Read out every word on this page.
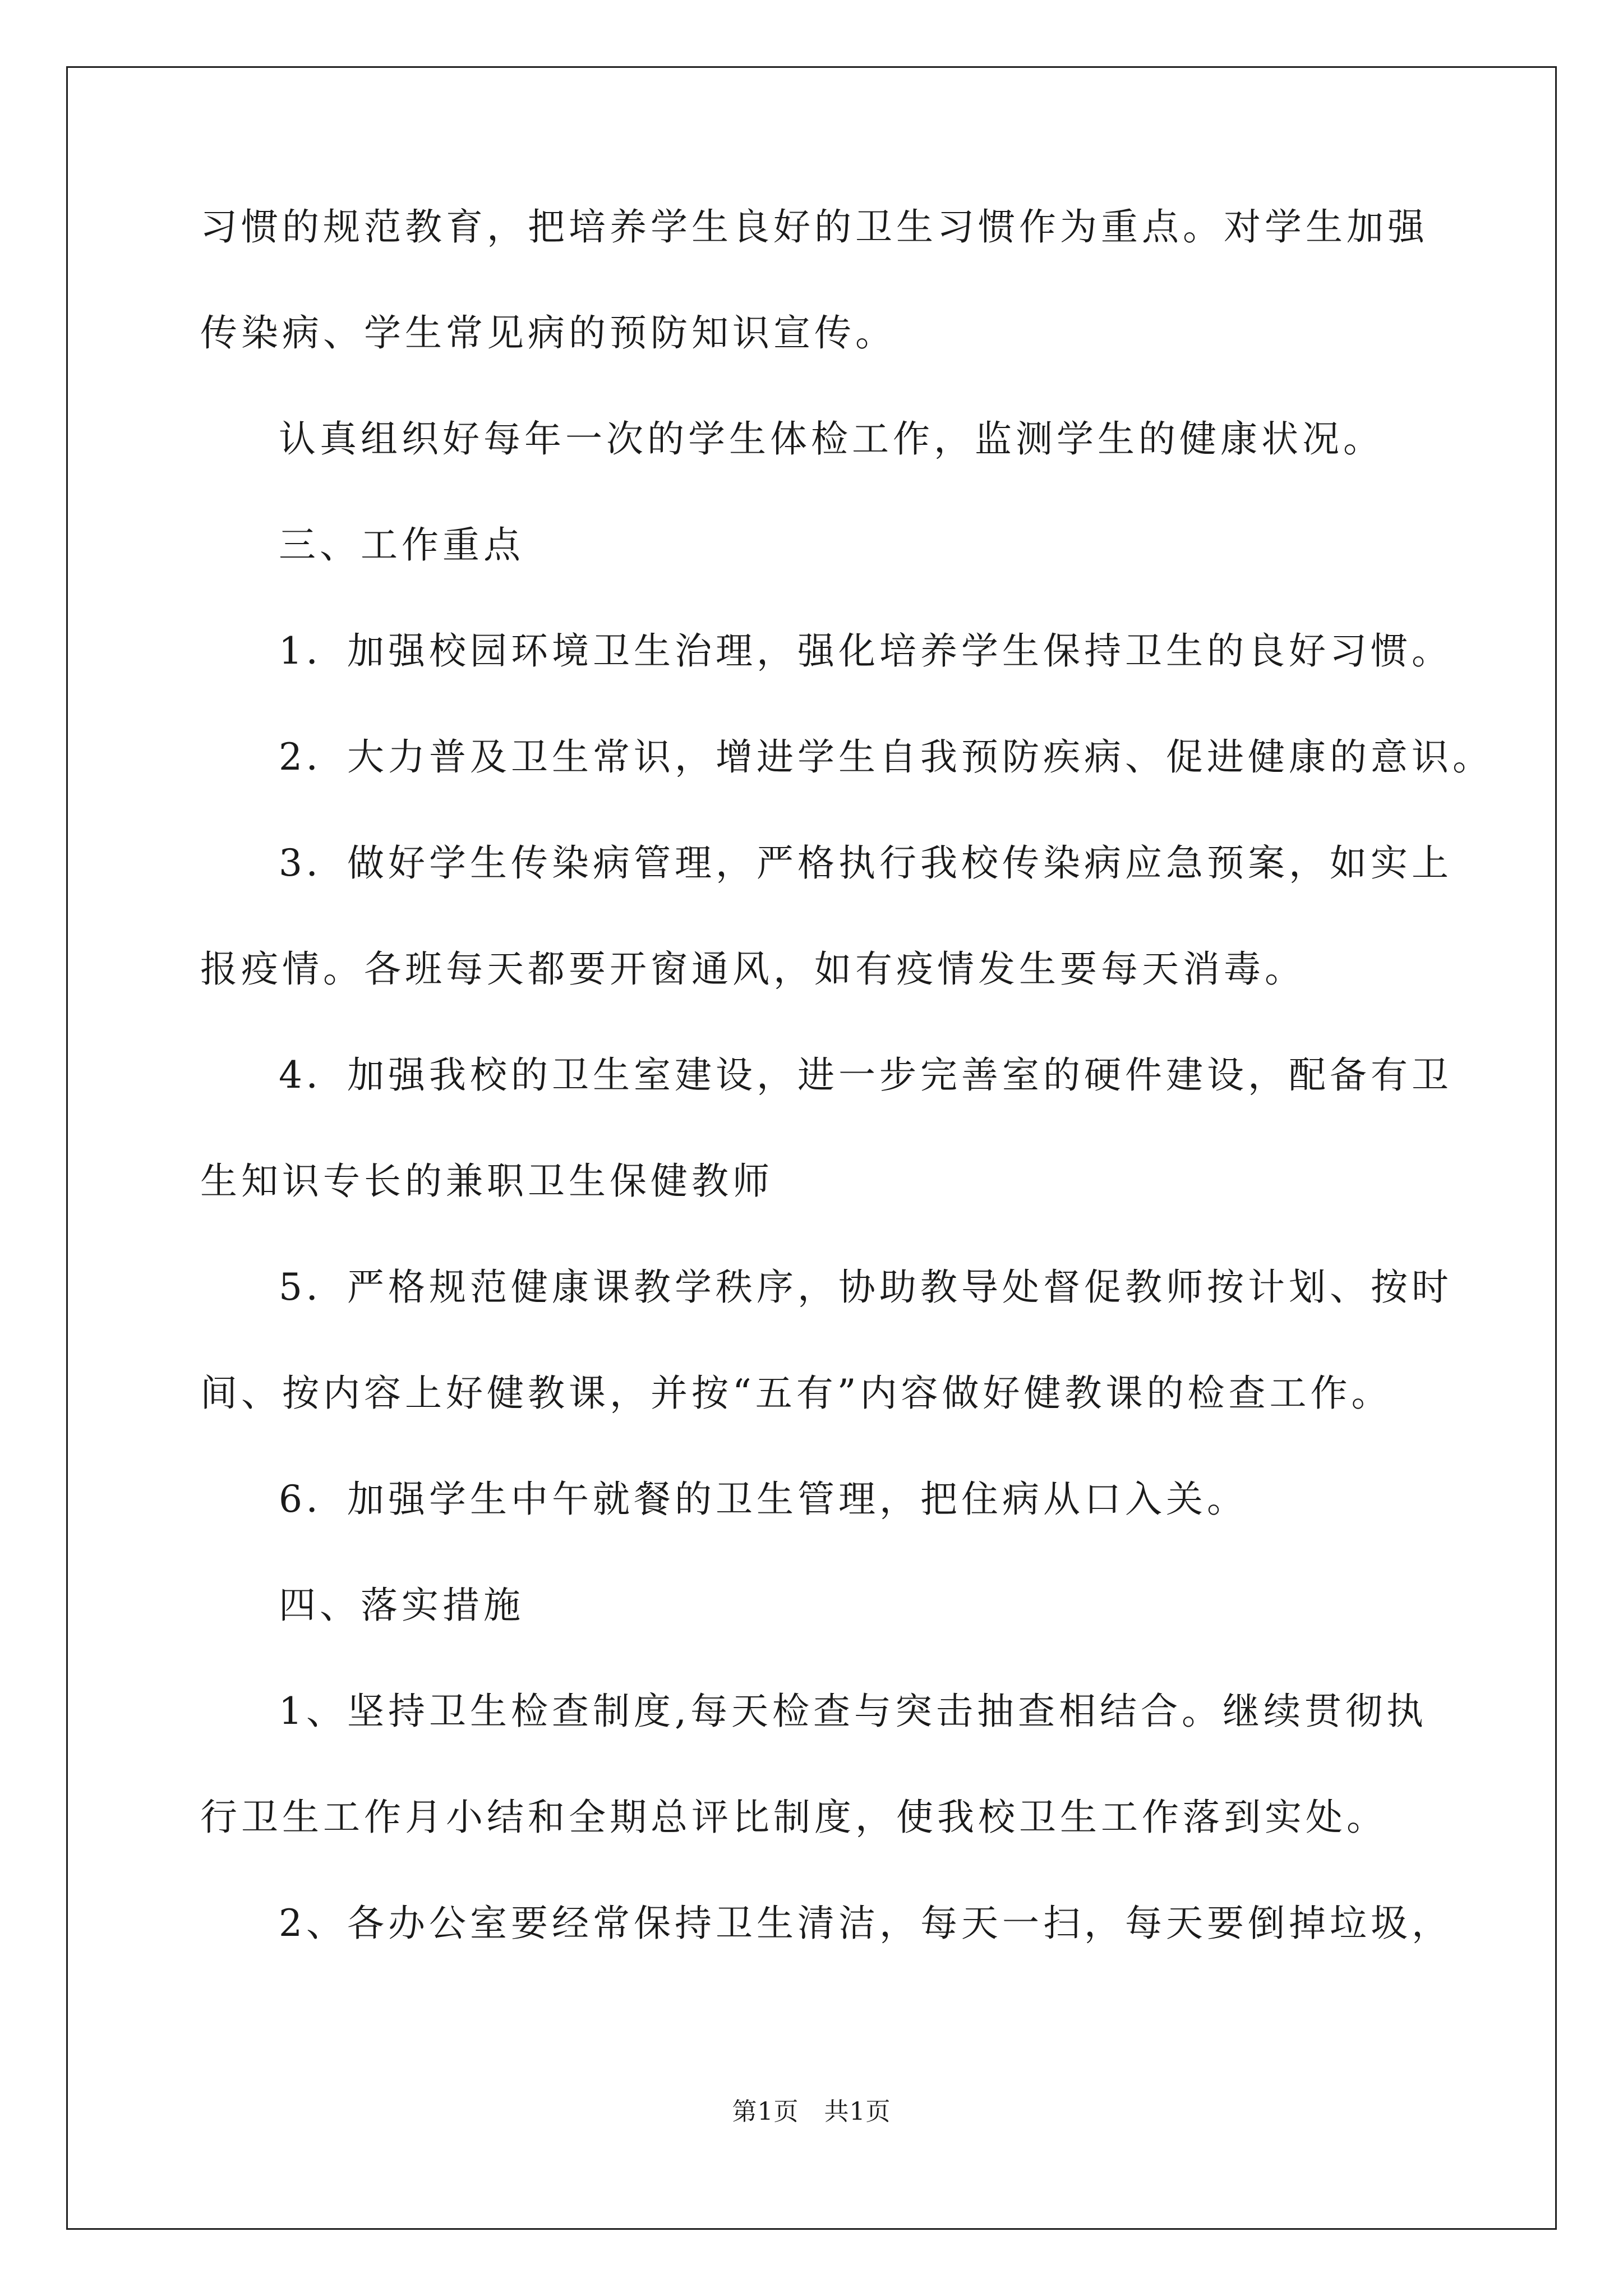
习惯的规范教育，把培养学生良好的卫生习惯作为重点。对学生加强
传染病、学生常见病的预防知识宣传。
认真组织好每年一次的学生体检工作，监测学生的健康状况。
三、工作重点
1．加强校园环境卫生治理，强化培养学生保持卫生的良好习惯。
2．大力普及卫生常识，增进学生自我预防疾病、促进健康的意识。
3．做好学生传染病管理，严格执行我校传染病应急预案，如实上
报疫情。各班每天都要开窗通风，如有疫情发生要每天消毒。
4．加强我校的卫生室建设，进一步完善室的硬件建设，配备有卫
生知识专长的兼职卫生保健教师
5．严格规范健康课教学秩序，协助教导处督促教师按计划、按时
间、按内容上好健教课，并按“五有”内容做好健教课的检查工作。
6．加强学生中午就餐的卫生管理，把住病从口入关。
四、落实措施
1、坚持卫生检查制度,每天检查与突击抽查相结合。继续贯彻执
行卫生工作月小结和全期总评比制度，使我校卫生工作落到实处。
2、各办公室要经常保持卫生清洁，每天一扫，每天要倒掉垃圾，
第1页   共1页
